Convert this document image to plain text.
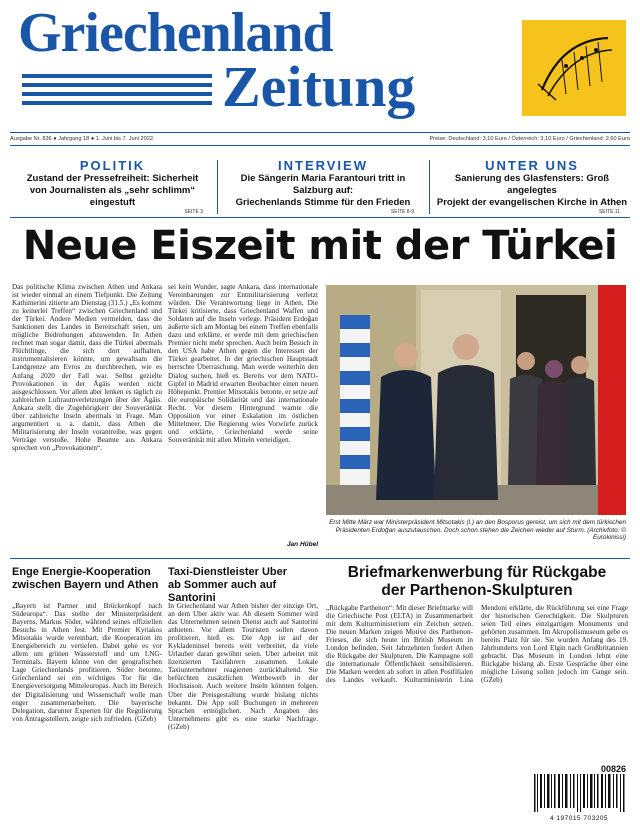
Griechenland
Zeitung
Ausgabe Nr. 836 ● Jahrgang 18 ● 1. Juni bis 7. Juni 2022	Preise: Deutschland: 3,10 Euro / Österreich: 3,10 Euro / Griechenland: 2,60 Euro
POLITIK
Zustand der Pressefreiheit: Sicherheit
von Journalisten als „sehr schlimm“ eingestuft
SEITE 3
INTERVIEW
Die Sängerin Maria Farantouri tritt in Salzburg auf:
Griechenlands Stimme für den Frieden
SEITE 8-9
UNTER UNS
Sanierung des Glasfensters: Groß angelegtes
Projekt der evangelischen Kirche in Athen
SEITE 11
Neue Eiszeit mit der Türkei

Das politische Klima zwischen Athen und Ankara ist wieder einmal an einem Tiefpunkt. Die Zeitung Kathimerini zitierte am Dienstag (31.5.) „Es kommt zu keinerlei Treffen“ zwischen Griechenland und der Türkei. Andere Medien vermelden, dass die Sanktionen des Landes in Bereitschaft seien, um mögliche Bedrohungen abzuwenden. In Athen rechnet man sogar damit, dass die Türkei abermals Flüchtlinge, die sich dort aufhalten, instrumentalisieren könnte, um gewaltsam die Landgrenze am Evros zu durchbrechen, wie es Anfang 2020 der Fall war. Selbst gezielte Provokationen in der Ägäis werden nicht ausgeschlossen. Vor allem aber lenken es täglich zu zahlreichen Luftraumverletzungen über der Ägäis. Ankara stellt die Zugehörigkeit der Souveränität über zahlreiche Inseln abermals in Frage. Man argumentiert u. a. damit, dass Athen die Militarisierung der Inseln vorantreibe, was gegen Verträge verstoße. Hohe Beamte aus Ankara sprechen von „Provokationen“.

sei kein Wunder, sagte Ankara, dass internationale Vereinbarungen zur Entmilitarisierung verletzt würden. Die Verantwortung liege in Athen. Die Türkei kritisierte, dass Griechenland Waffen und Soldaten auf die Inseln verlege. Präsident Erdoğan äußerte sich am Montag bei einem Treffen ebenfalls dazu und erklärte, er werde mit dem griechischen Premier nicht mehr sprechen. Auch beim Besuch in den USA habe Athen gegen die Interessen der Türkei gearbeitet. In der griechischen Hauptstadt herrschte Überraschung. Man werde weiterhin den Dialog suchen, hieß es. Bereits vor dem NATO-Gipfel in Madrid erwarten Beobachter einen neuen Höhepunkt. Premier Mitsotakis betonte, er setze auf die europäische Solidarität und das internationale Recht. Vor diesem Hintergrund warnte die Opposition vor einer Eskalation im östlichen Mittelmeer. Die Regierung wies Vorwürfe zurück und erklärte, Griechenland werde seine Souveränität mit allen Mitteln verteidigen.

Jan Hübel
Erst Mitte März war Ministerpräsident Mitsotakis (l.) an den Bosporus gereist, um sich mit dem türkischen Präsidenten Erdoğan auszutauschen. Doch schon stehen die Zeichen wieder auf Sturm. (Archivfoto: © Eurokinissi)
Enge Energie-Kooperation
zwischen Bayern und Athen

„Bayern ist Partner und Brückenkopf nach Südeuropa“. Das stellte der Ministerpräsident Bayerns, Markus Söder, während seines offiziellen Besuchs in Athen fest. Mit Premier Kyriakos Mitsotakis wurde vereinbart, die Kooperation im Energiebereich zu vertiefen. Dabei gehe es vor allem um grünen Wasserstoff und um LNG-Terminals. Bayern könne von der geografischen Lage Griechenlands profitieren. Söder betonte, Griechenland sei ein wichtiges Tor für die Energieversorgung Mitteleuropas. Auch im Bereich der Digitalisierung und Wissenschaft wolle man enger zusammenarbeiten. Die bayerische Delegation, darunter Experten für die Regulierung von Antragsstellern, zeigte sich zufrieden. (GZeb)

Taxi-Dienstleister Uber
ab Sommer auch auf Santorini

In Griechenland war Athen bisher der einzige Ort, an dem Uber aktiv war. Ab diesem Sommer wird das Unternehmen seinen Dienst auch auf Santorini anbieten. Vor allem Touristen sollen davon profitieren, hieß es. Die App ist auf der Kykladeninsel bereits weit verbreitet, da viele Urlauber daran gewöhnt seien. Uber arbeitet mit lizenzierten Taxifahrern zusammen. Lokale Taxiunternehmer reagierten zurückhaltend. Sie befürchten zusätzlichen Wettbewerb in der Hochsaison. Auch weitere Inseln könnten folgen. Über die Preisgestaltung wurde bislang nichts bekannt. Die App soll Buchungen in mehreren Sprachen ermöglichen. Nach Angaben des Unternehmens gibt es eine starke Nachfrage. (GZeb)

Briefmarkenwerbung für Rückgabe
der Parthenon-Skulpturen

„Rückgabe Parthenon“: Mit dieser Briefmarke will die Griechische Post (ELTA) in Zusammenarbeit mit dem Kulturministerium ein Zeichen setzen. Die neuen Marken zeigen Motive des Parthenon-Frieses, die sich heute im British Museum in London befinden. Seit Jahrzehnten fordert Athen die Rückgabe der Skulpturen. Die Kampagne soll die internationale Öffentlichkeit sensibilisieren. Die Marken werden ab sofort in allen Postfilialen des Landes verkauft. Kulturministerin Lina Mendoni erklärte, die Rückführung sei eine Frage der historischen Gerechtigkeit. Die Skulpturen seien Teil eines einzigartigen Monuments und gehörten zusammen. Im Akropolismuseum gebe es bereits Platz für sie. Sie wurden Anfang des 19. Jahrhunderts von Lord Elgin nach Großbritannien gebracht. Das Museum in London lehnt eine Rückgabe bislang ab. Erste Gespräche über eine mögliche Lösung sollen jedoch im Gange sein. (GZeb)

00826
4 197015 703205
